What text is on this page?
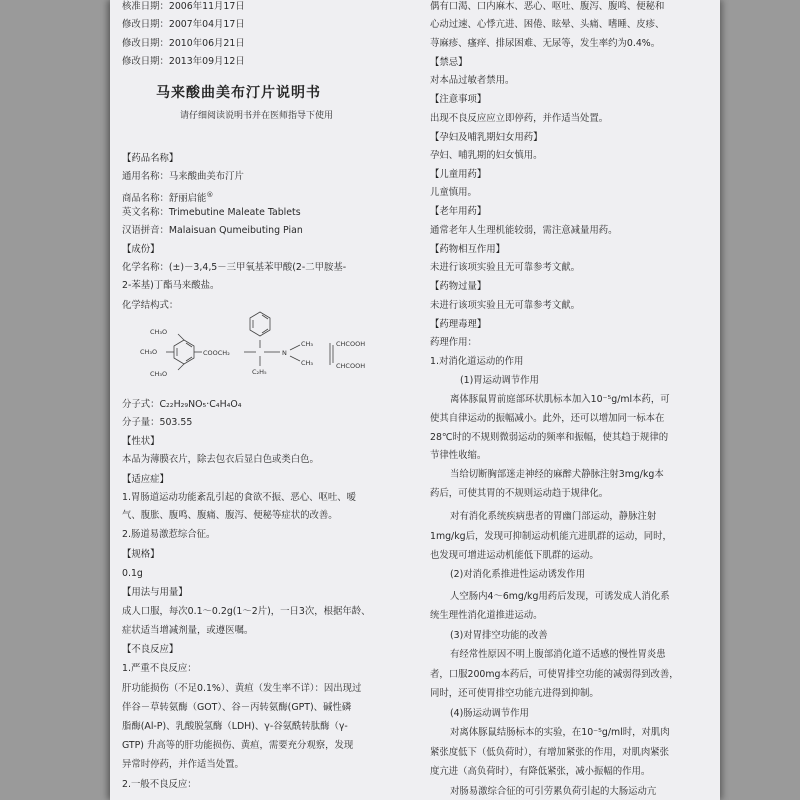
核准日期：2006年11月17日
修改日期：2007年04月17日
修改日期：2010年06月21日
修改日期：2013年09月12日
马来酸曲美布汀片说明书
请仔细阅读说明书并在医师指导下使用
【药品名称】
通用名称：马来酸曲美布汀片
商品名称：舒丽启能®
英文名称：Trimebutine Maleate Tablets
汉语拼音：Malaisuan Qumeibuting Pian
【成份】
化学名称：(±)－3,4,5－三甲氧基苯甲酸(2-二甲胺基-
2-苯基)丁酯马来酸盐。
化学结构式：
CH₃O
CH₃O
CH₃O
COOCH₂	N
CH₃
CH₃
C₂H₅
CHCOOH
CHCOOH
分子式：C₂₂H₂₉NO₅·C₄H₄O₄
分子量：503.55
【性状】
本品为薄膜衣片，除去包衣后显白色或类白色。
【适应症】
1.胃肠道运动功能紊乱引起的食欲不振、恶心、呕吐、嗳
气、腹胀、腹鸣、腹痛、腹泻、便秘等症状的改善。
2.肠道易激惹综合征。
【规格】
0.1g
【用法与用量】
成人口服，每次0.1～0.2g(1～2片)，一日3次，根据年龄、
症状适当增减剂量，或遵医嘱。
【不良反应】
1.严重不良反应：
肝功能损伤（不足0.1%）、黄疸（发生率不详）：因出现过
伴谷－草转氨酶（GOT）、谷－丙转氨酶(GPT)、碱性磷
脂酶(Al-P)、乳酸脱氢酶（LDH)、γ-谷氨酰转肽酶（γ-
GTP) 升高等的肝功能损伤、黄疸，需要充分观察，发现
异常时停药，并作适当处置。
2.一般不良反应：
偶有口渴、口内麻木、恶心、呕吐、腹泻、腹鸣、便秘和
心动过速、心悸亢进、困倦、眩晕、头痛、嗜睡、皮疹、
荨麻疹、瘙痒、排尿困难、无尿等，发生率约为0.4%。
【禁忌】
对本品过敏者禁用。
【注意事项】
出现不良反应应立即停药，并作适当处置。
【孕妇及哺乳期妇女用药】
孕妇、哺乳期的妇女慎用。
【儿童用药】
儿童慎用。
【老年用药】
通常老年人生理机能较弱，需注意减量用药。
【药物相互作用】
未进行该项实验且无可靠参考文献。
【药物过量】
未进行该项实验且无可靠参考文献。
【药理毒理】
药理作用：
1.对消化道运动的作用
(1)胃运动调节作用
离体豚鼠胃前庭部环状肌标本加入10⁻⁵g/ml本药，可
使其自律运动的振幅减小。此外，还可以增加同一标本在
28℃时的不规则微弱运动的频率和振幅，使其趋于规律的
节律性收缩。
当给切断胸部迷走神经的麻醉犬静脉注射3mg/kg本
药后，可使其胃的不规则运动趋于规律化。
对有消化系统疾病患者的胃幽门部运动，静脉注射
1mg/kg后，发现可抑制运动机能亢进肌群的运动，同时，
也发现可增进运动机能低下肌群的运动。
(2)对消化系推进性运动诱发作用
人空肠内4～6mg/kg用药后发现，可诱发成人消化系
统生理性消化道推进运动。
(3)对胃排空功能的改善
有经常性原因不明上腹部消化道不适感的慢性胃炎患
者，口服200mg本药后，可使胃排空功能的减弱得到改善，
同时，还可使胃排空功能亢进得到抑制。
(4)肠运动调节作用
对离体豚鼠结肠标本的实验，在10⁻⁵g/ml时，对肌肉
紧张度低下（低负荷时），有增加紧张的作用，对肌肉紧张
度亢进（高负荷时），有降低紧张，减小振幅的作用。
对肠易激综合征的可引劳累负荷引起的大肠运动亢
